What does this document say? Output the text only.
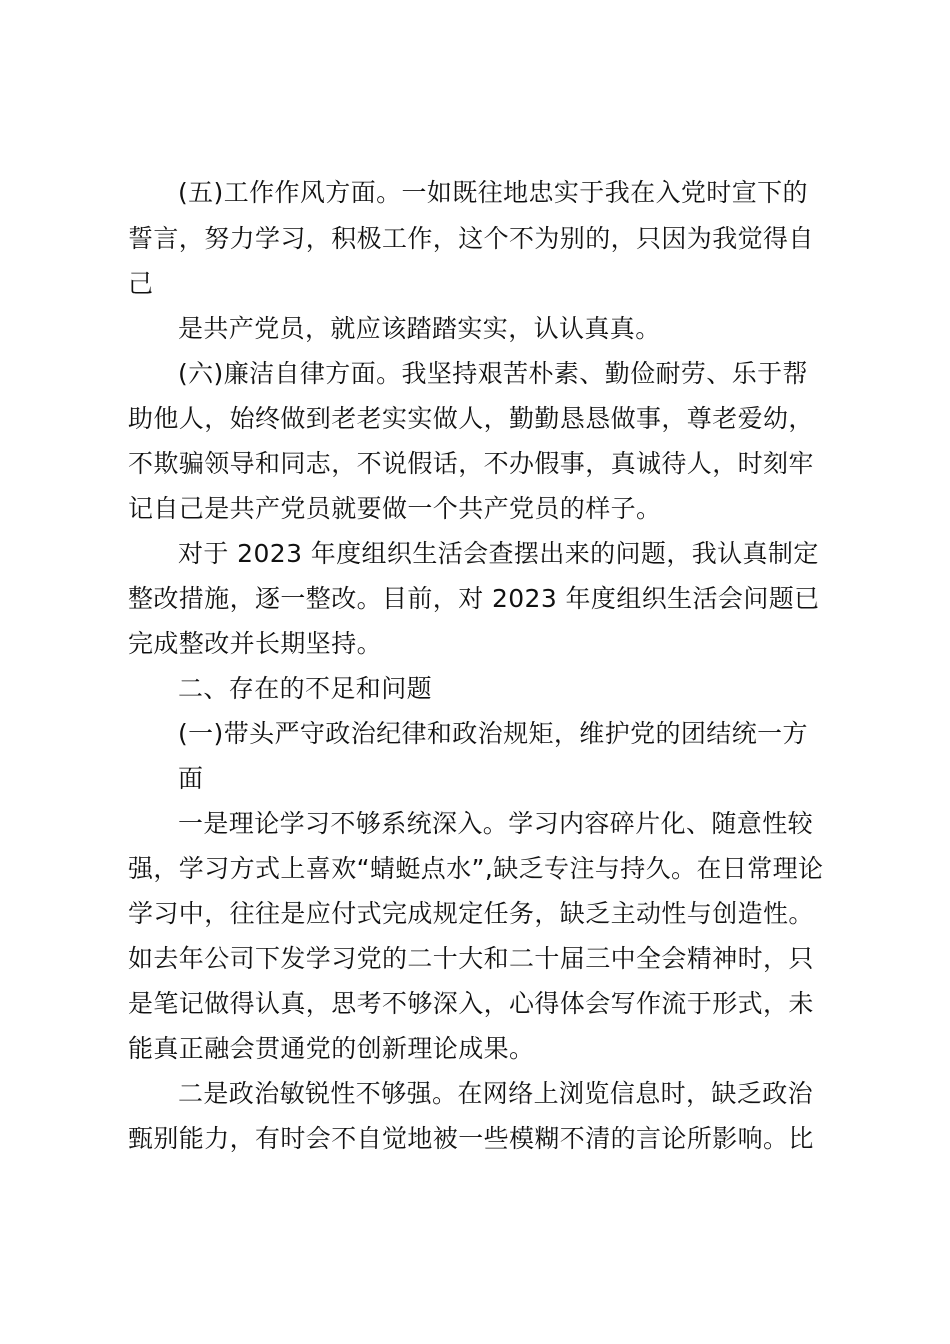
(五)工作作风方面。一如既往地忠实于我在入党时宣下的
誓言，努力学习，积极工作，这个不为别的，只因为我觉得自
己
是共产党员，就应该踏踏实实，认认真真。
(六)廉洁自律方面。我坚持艰苦朴素、勤俭耐劳、乐于帮
助他人，始终做到老老实实做人，勤勤恳恳做事，尊老爱幼，
不欺骗领导和同志，不说假话，不办假事，真诚待人，时刻牢
记自己是共产党员就要做一个共产党员的样子。
对于 2023 年度组织生活会查摆出来的问题，我认真制定
整改措施，逐一整改。目前，对 2023 年度组织生活会问题已
完成整改并长期坚持。
二、存在的不足和问题
(一)带头严守政治纪律和政治规矩，维护党的团结统一方
面
一是理论学习不够系统深入。学习内容碎片化、随意性较
强，学习方式上喜欢“蜻蜓点水”,缺乏专注与持久。在日常理论
学习中，往往是应付式完成规定任务，缺乏主动性与创造性。
如去年公司下发学习党的二十大和二十届三中全会精神时，只
是笔记做得认真，思考不够深入，心得体会写作流于形式，未
能真正融会贯通党的创新理论成果。
二是政治敏锐性不够强。在网络上浏览信息时，缺乏政治
甄别能力，有时会不自觉地被一些模糊不清的言论所影响。比
